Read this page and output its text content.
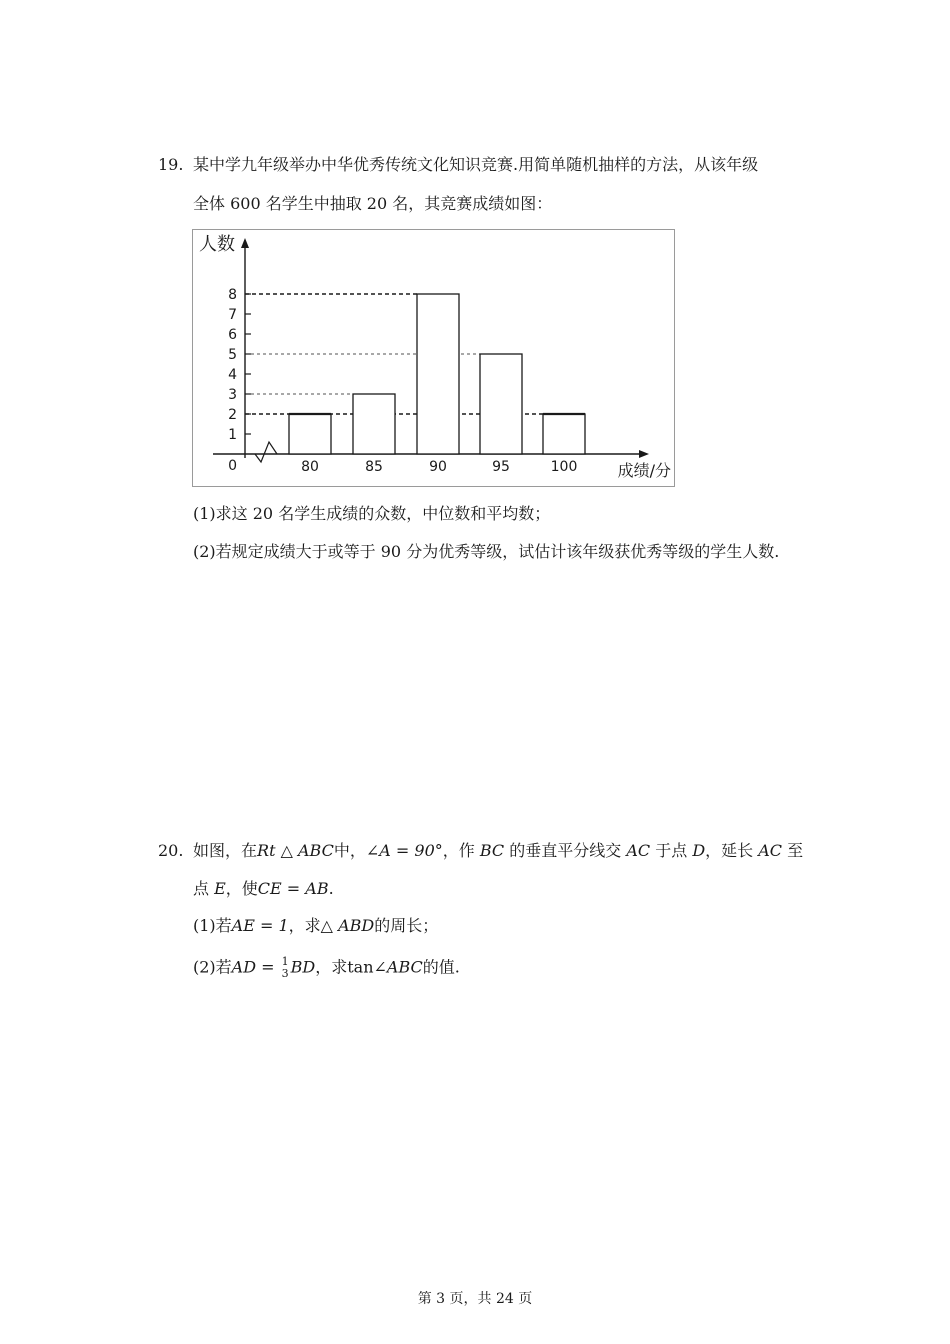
19. 某中学九年级举办中华优秀传统文化知识竞赛.用简单随机抽样的方法，从该年级
全体 600 名学生中抽取 20 名，其竞赛成绩如图：
0
1
2
3
4
5
6
7
8
80	85	90	95	100
人数
成绩/分
(1)求这 20 名学生成绩的众数，中位数和平均数；
(2)若规定成绩大于或等于 90 分为优秀等级，试估计该年级获优秀等级的学生人数.
20. 如图，在Rt △ ABC中，∠A = 90°，作 BC 的垂直平分线交 AC 于点 D，延长 AC 至
点 E，使CE = AB.
(1)若AE = 1，求△ ABD的周长；
(2)若AD = 1
3 BD，求tan∠ABC的值.
第 3 页，共 24 页
